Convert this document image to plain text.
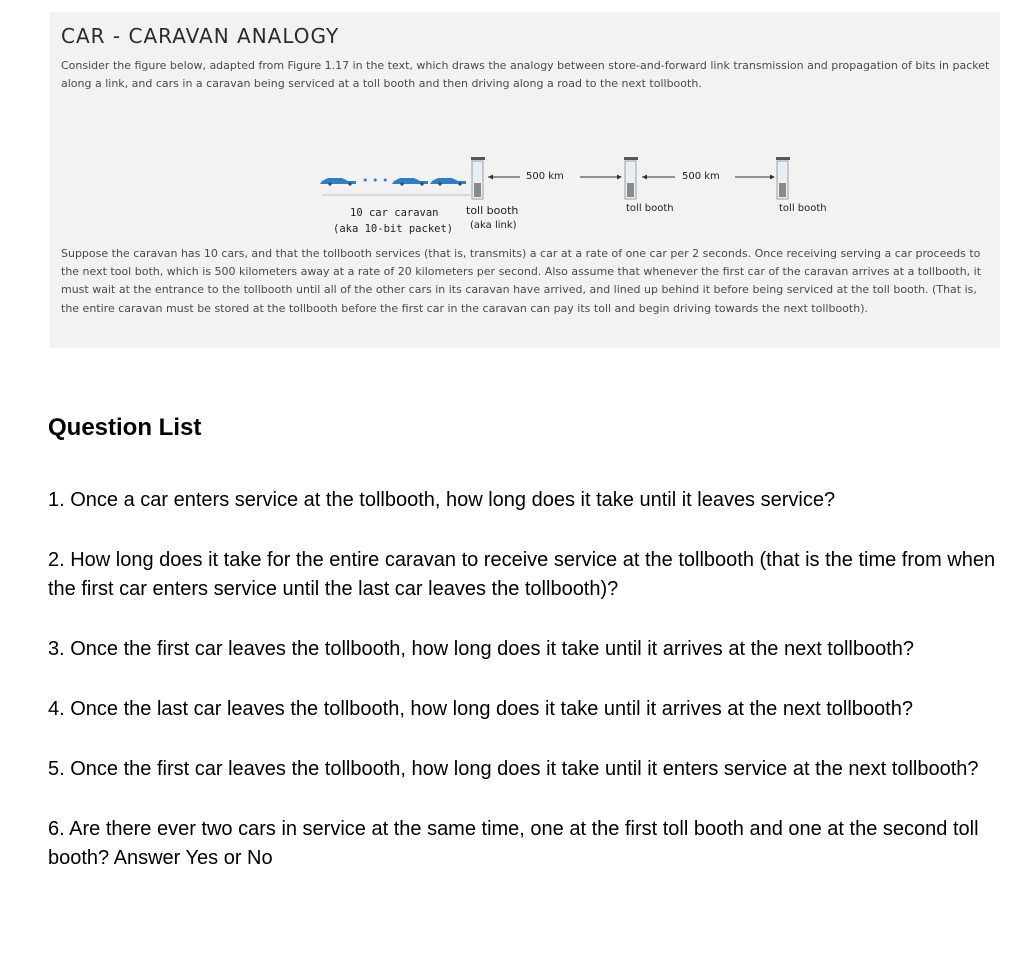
CAR - CARAVAN ANALOGY

Consider the figure below, adapted from Figure 1.17 in the text, which draws the analogy between store-and-forward link transmission and propagation of bits in packet along a link, and cars in a caravan being serviced at a toll booth and then driving along a road to the next tollbooth.

• • •	500 km	500 km
10 car caravan
(aka 10-bit packet)
toll booth
(aka link)
toll booth	toll booth

Suppose the caravan has 10 cars, and that the tollbooth services (that is, transmits) a car at a rate of one car per 2 seconds. Once receiving serving a car proceeds to the next tool both, which is 500 kilometers away at a rate of 20 kilometers per second. Also assume that whenever the first car of the caravan arrives at a tollbooth, it must wait at the entrance to the tollbooth until all of the other cars in its caravan have arrived, and lined up behind it before being serviced at the toll booth. (That is, the entire caravan must be stored at the tollbooth before the first car in the caravan can pay its toll and begin driving towards the next tollbooth).

Question List
1. Once a car enters service at the tollbooth, how long does it take until it leaves service?
2. How long does it take for the entire caravan to receive service at the tollbooth (that is the time from when the first car enters service until the last car leaves the tollbooth)?
3. Once the first car leaves the tollbooth, how long does it take until it arrives at the next tollbooth?
4. Once the last car leaves the tollbooth, how long does it take until it arrives at the next tollbooth?
5. Once the first car leaves the tollbooth, how long does it take until it enters service at the next tollbooth?
6. Are there ever two cars in service at the same time, one at the first toll booth and one at the second toll booth? Answer Yes or No
